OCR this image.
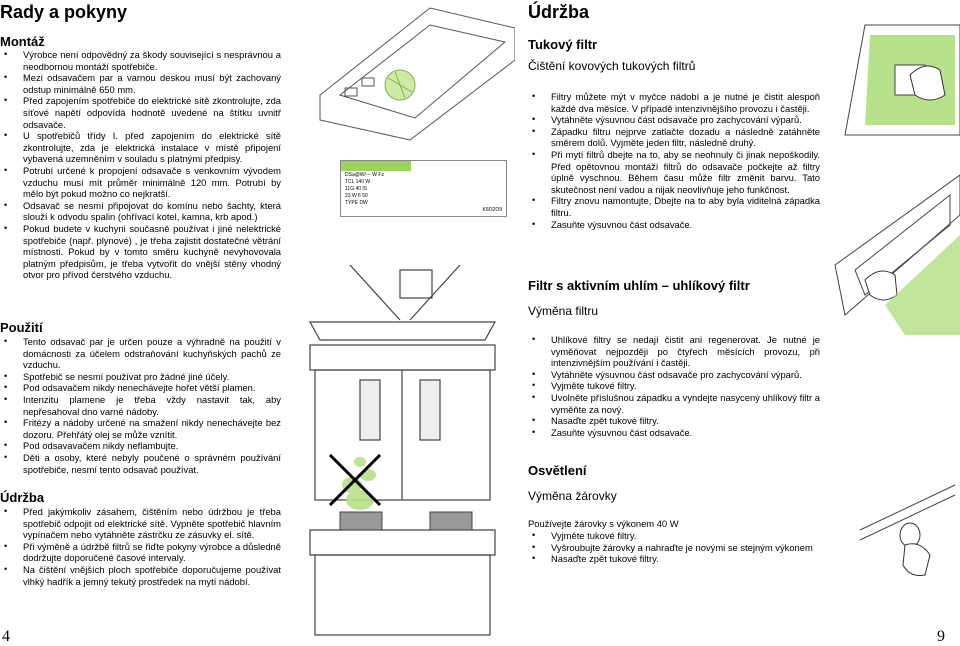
Rady a pokyny
Montáž
• Výrobce není odpovědný za škody související s nesprávnou a neodbornou montáží spotřebiče.
• Mezi odsavačem par a varnou deskou musí být zachovaný odstup minimálně 650 mm.
• Před zapojením spotřebiče do elektrické sítě zkontrolujte, zda síťové napětí odpovídá hodnotě uvedené na štítku uvnitř odsavače.
• U spotřebičů třídy I. před zapojením do elektrické sítě zkontrolujte, zda je elektrická instalace v místě připojení vybavená uzemněním v souladu s platnými předpisy.
• Potrubí určené k propojení odsavače s venkovním vývodem vzduchu musí mít průměr minimálně 120 mm. Potrubí by mělo být pokud možno co nejkratší.
• Odsavač se nesmí připojovat do komínu nebo šachty, která slouží k odvodu spalin (ohřívací kotel, kamna, krb apod.)
• Pokud budete v kuchyni současně používat i jiné nelektrické spotřebiče (např. plynové) , je třeba zajistit dostatečné větrání místnosti. Pokud by v tomto směru kuchyně nevyhovovala platným předpisům, je třeba vytvořit do vnější stěny vhodný otvor pro přívod čerstvého vzduchu.
Použití
• Tento odsavač par je určen pouze a výhradně na použití v domácnosti za účelem odstraňování kuchyňských pachů ze vzduchu.
• Spotřebič se nesmí používat pro žádné jiné účely.
• Pod odsavačem nikdy nenechávejte hořet větší plamen.
• Intenzitu plamene je třeba vždy nastavit tak, aby nepřesahoval dno varné nádoby.
• Fritézy a nádoby určené na smažení nikdy nenechávejte bez dozoru. Přehřátý olej se může vznítit.
• Pod odsavavačem nikdy neflambujte.
• Děti a osoby, které nebyly poučené o správném používání spotřebiče, nesmí tento odsavač používat.
Údržba
• Před jakýmkoliv zásahem, čištěním nebo údržbou je třeba spotřebič odpojit od elektrické sítě. Vypněte spotřebič hlavním vypínačem nebo vytáhněte zástrčku ze zásuvky el. sítě.
• Při výměně a údržbě filtrů se řiďte pokyny výrobce a důsledně dodržujte doporučené časové intervaly.
• Na čištění vnějších ploch spotřebiče doporučujeme používat vlhký hadřík a jemný tekutý prostředek na mytí nádobí.
4
DSa@W/--- W Fz
TCL 140 W
11G 40 IS
23 W 6 50
TYPE DW
K6O2O9
Údržba
Tukový filtr
Čištění kovových tukových filtrů
• Filtry můžete mýt v myčce nádobí a je nutné je čistit alespoň každé dva měsíce. V případě intenzivnějšího provozu i častěji.
• Vytáhněte výsuvnou část odsavače pro zachycování výparů.
• Západku filtru nejprve zatlačte dozadu a následně zatáhněte směrem dolů. Vyjměte jeden filtr, následně druhý.
• Při mytí filtrů dbejte na to, aby se neohnuly či jinak nepoškodily. Před opětovnou montáží filtrů do odsavače počkejte až filtry úplně vyschnou. Během času může filtr změnit barvu. Tato skutečnost není vadou a nijak neovlivňuje jeho funkčnost.
• Filtry znovu namontujte, Dbejte na to aby byla viditelná západka filtru.
• Zasuňte výsuvnou část odsavače.
Filtr s aktivním uhlím – uhlíkový filtr
Výměna filtru
• Uhlíkové filtry se nedají čistit ani regenerovat. Je nutné je vyměňovat nejpozději po čtyřech měsících provozu, při intenzivnějším používání i častěji.
• Vytáhněte výsuvnou část odsavače pro zachycování výparů.
• Vyjměte tukové filtry.
• Uvolněte příslušnou západku a vyndejte nasycený uhlíkový filtr a vyměňte za nový.
• Nasaďte zpět tukové filtry.
• Zasuňte výsuvnou část odsavače.
Osvětlení
Výměna žárovky
Používejte žárovky s výkonem 40 W
• Vyjměte tukové filtry.
• Vyšroubujte žárovky a nahraďte je novými se stejným výkonem
• Nasaďte zpět tukové filtry.
9
